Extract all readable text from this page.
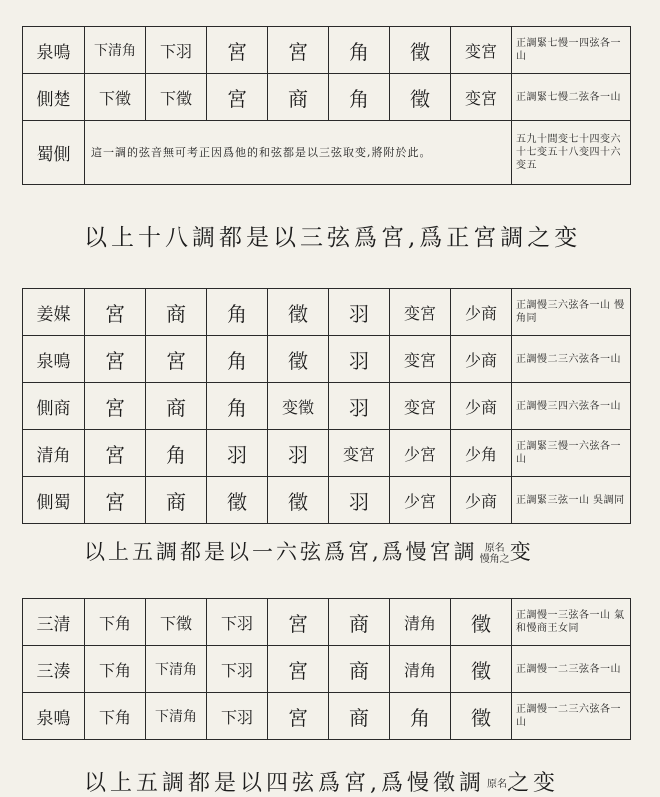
泉鳴	下清角	下羽	宮	宮	角	徵	变宮	正調緊七慢一四弦各一山
側楚	下徵	下徵	宮	商	角	徵	变宮	正調緊七慢二弦各一山
蜀側	這一調的弦音無可考正因爲他的和弦都是以三弦取变,將附於此。							五九十間变七十四变六十七变五十八变四十六变五
以上十八調都是以三弦爲宮,爲正宮調之变
姜媒	宮	商	角	徵	羽	变宮	少商	正調慢三六弦各一山 慢角同
泉鳴	宮	宮	角	徵	羽	变宮	少商	正調慢二三六弦各一山
側商	宮	商	角	变徵	羽	变宮	少商	正調慢三四六弦各一山
清角	宮	角	羽	羽	变宮	少宮	少角	正調緊三慢一六弦各一山
側蜀	宮	商	徵	徵	羽	少宮	少商	正調緊三弦一山 吳調同
以上五調都是以一六弦爲宮,爲慢宮調 原名
慢角之变
三清	下角	下徵	下羽	宮	商	清角	徵	正調慢一三弦各一山 氣和慢商王女同
三湊	下角	下清角	下羽	宮	商	清角	徵	正調慢一二三弦各一山
泉鳴	下角	下清角	下羽	宮	商	角	徵	正調慢一二三六弦各一山
以上五調都是以四弦爲宮,爲慢徵調 原名之变
